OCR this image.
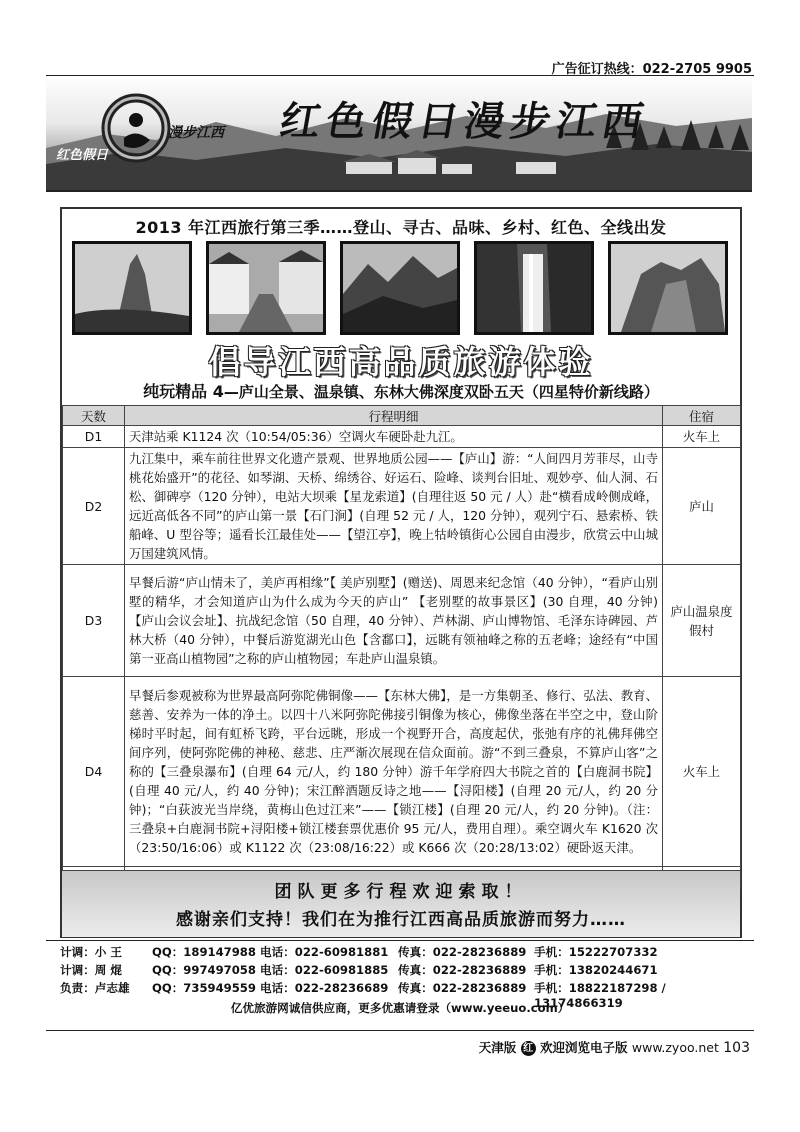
广告征订热线：022-2705 9905
漫步江西
红色假日
红色假日漫步江西
2013 年江西旅行第三季……登山、寻古、品味、乡村、红色、全线出发
倡导江西高品质旅游体验
纯玩精品 4—庐山全景、温泉镇、东林大佛深度双卧五天（四星特价新线路）
天数	行程明细	住宿
D1	天津站乘 K1124 次（10:54/05:36）空调火车硬卧赴九江。	火车上
D2	九江集中，乘车前往世界文化遗产景观、世界地质公园——【庐山】游：“人间四月芳菲尽，山寺桃花始盛开”的花径、如琴湖、天桥、绵绣谷、好运石、险峰、谈判台旧址、观妙亭、仙人洞、石松、御碑亭（120 分钟），电站大坝乘【星龙索道】(自理往返 50 元 / 人）赴“横看成岭侧成峰，远近高低各不同”的庐山第一景【石门涧】(自理 52 元 / 人，120 分钟），观列宁石、悬索桥、铁船峰、U 型谷等；遥看长江最佳处——【望江亭】，晚上牯岭镇街心公园自由漫步，欣赏云中山城万国建筑风情。	庐山
D3	早餐后游“庐山情未了，美庐再相缘”【 美庐别墅】(赠送)、周恩来纪念馆（40 分钟），“看庐山别墅的精华，才会知道庐山为什么成为今天的庐山” 【老别墅的故事景区】(30 自理，40 分钟)【庐山会议会址】、抗战纪念馆（50 自理，40 分钟）、芦林湖、庐山博物馆、毛泽东诗碑园、芦林大桥（40 分钟），中餐后游览湖光山色【含鄱口】，远眺有领袖峰之称的五老峰；途经有“中国第一亚高山植物园”之称的庐山植物园；车赴庐山温泉镇。	庐山温泉度假村
D4	早餐后参观被称为世界最高阿弥陀佛铜像——【东林大佛】，是一方集朝圣、修行、弘法、教育、慈善、安养为一体的净土。以四十八米阿弥陀佛接引铜像为核心，佛像坐落在半空之中，登山阶梯时平时起，间有虹桥飞跨，平台远眺，形成一个视野开合，高度起伏，张弛有序的礼佛拜佛空间序列，使阿弥陀佛的神秘、慈悲、庄严渐次展现在信众面前。游“不到三叠泉，不算庐山客”之称的【三叠泉瀑布】(自理 64 元/人，约 180 分钟）游千年学府四大书院之首的【白鹿洞书院】(自理 40 元/人，约 40 分钟)；宋江醉酒题反诗之地——【浔阳楼】(自理 20 元/人，约 20 分钟)；“白荻波光当岸绕，黄梅山色过江来”——【锁江楼】(自理 20 元/人，约 20 分钟)。（注：三叠泉+白鹿洞书院+浔阳楼+锁江楼套票优惠价 95 元/人，费用自理）。乘空调火车 K1620 次（23:50/16:06）或 K1122 次（23:08/16:22）或 K666 次（20:28/13:02）硬卧返天津。	火车上

团队更多行程欢迎索取！
感谢亲们支持！我们在为推行江西高品质旅游而努力……
计调：小 王	QQ：189147988 电话：022-60981881 传真：022-28236889 手机：15222707332
计调：周 焜	QQ：997497058 电话：022-60981885 传真：022-28236889 手机：13820244671
负责：卢志雄 QQ：735949559 电话：022-28236689 传真：022-28236889 手机：18822187298 / 13174866319
亿优旅游网诚信供应商，更多优惠请登录（www.yeeuo.com）
天津版 红 欢迎浏览电子版 www.zyoo.net 103
